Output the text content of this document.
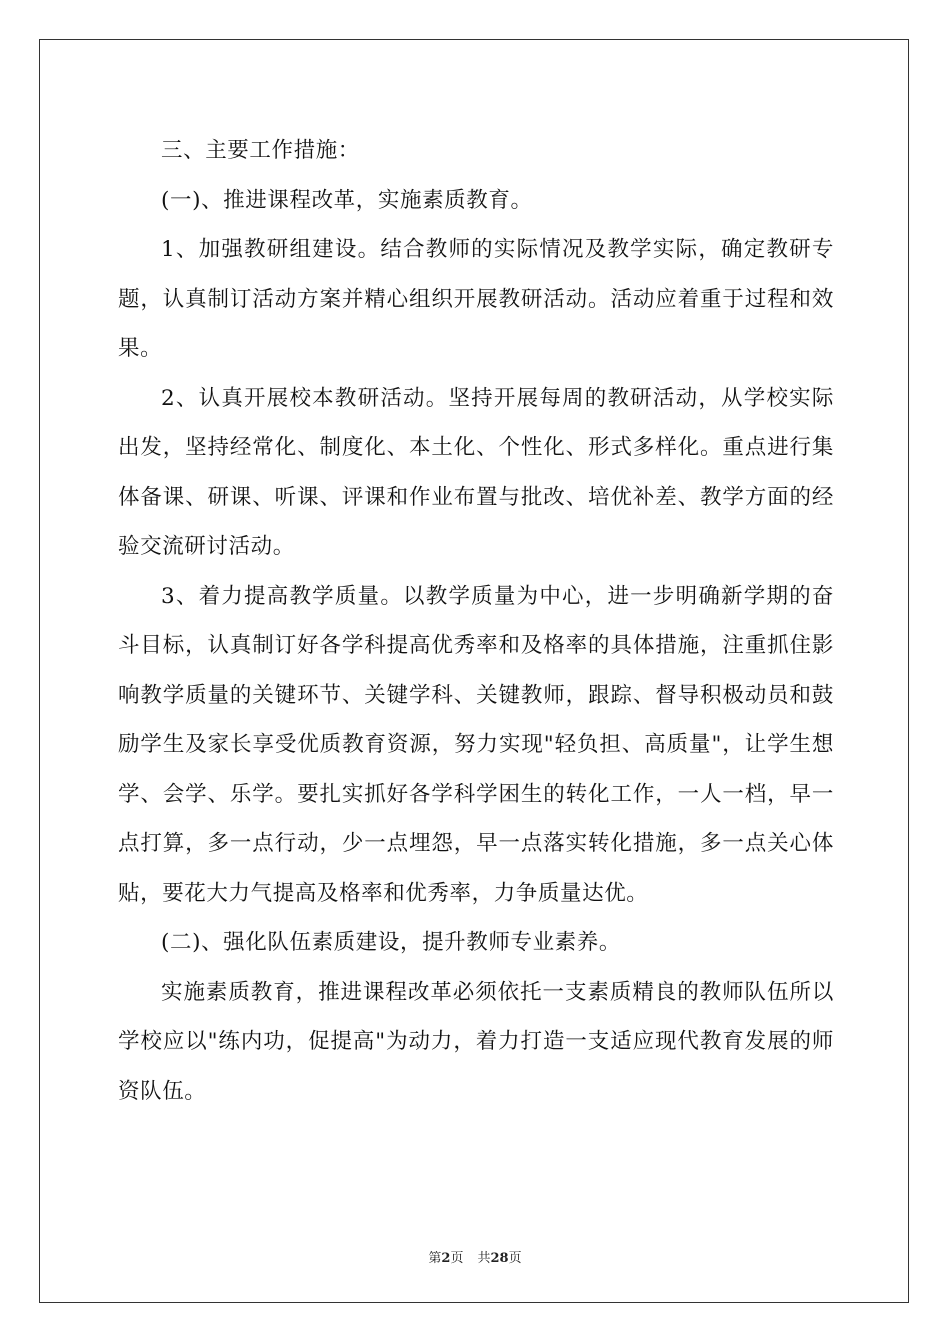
三、主要工作措施：

(一)、推进课程改革，实施素质教育。

1、加强教研组建设。结合教师的实际情况及教学实际，确定教研专题，认真制订活动方案并精心组织开展教研活动。活动应着重于过程和效果。

2、认真开展校本教研活动。坚持开展每周的教研活动，从学校实际出发，坚持经常化、制度化、本土化、个性化、形式多样化。重点进行集体备课、研课、听课、评课和作业布置与批改、培优补差、教学方面的经验交流研讨活动。

3、着力提高教学质量。以教学质量为中心，进一步明确新学期的奋斗目标，认真制订好各学科提高优秀率和及格率的具体措施，注重抓住影响教学质量的关键环节、关键学科、关键教师，跟踪、督导积极动员和鼓励学生及家长享受优质教育资源，努力实现"轻负担、高质量"，让学生想学、会学、乐学。要扎实抓好各学科学困生的转化工作，一人一档，早一点打算，多一点行动，少一点埋怨，早一点落实转化措施，多一点关心体贴，要花大力气提高及格率和优秀率，力争质量达优。

(二)、强化队伍素质建设，提升教师专业素养。

实施素质教育，推进课程改革必须依托一支素质精良的教师队伍所以学校应以"练内功，促提高"为动力，着力打造一支适应现代教育发展的师资队伍。

第2页 共28页
